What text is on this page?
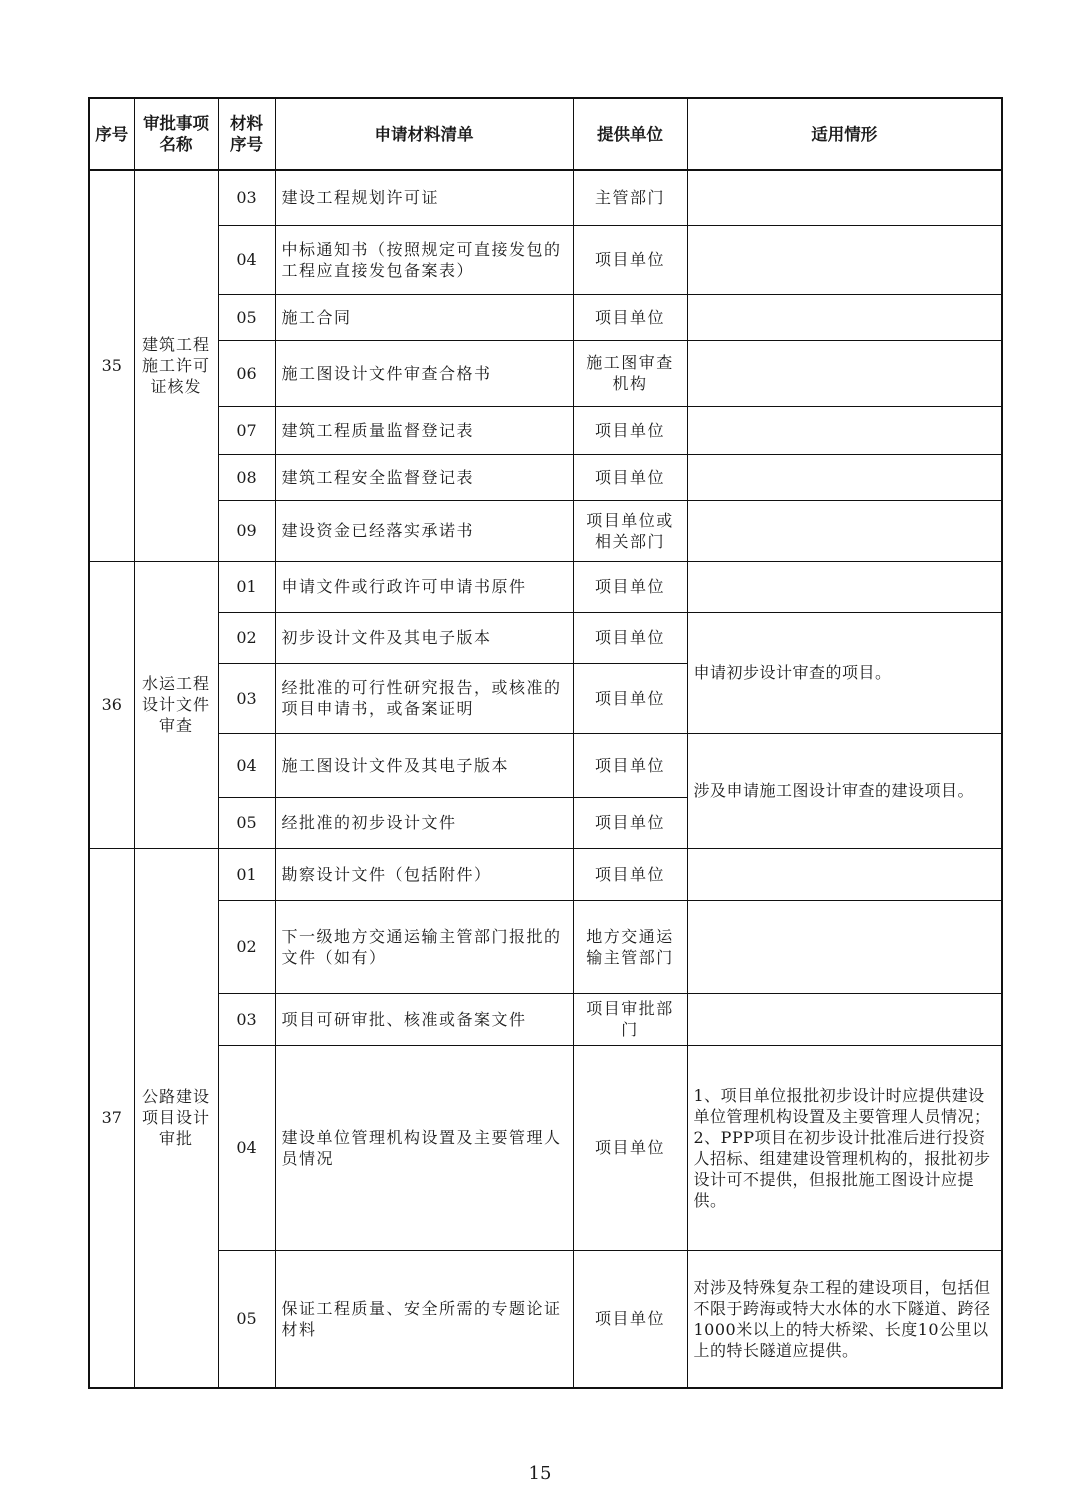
序号	审批事项名称	材料序号	申请材料清单	提供单位	适用情形
35	建筑工程施工许可证核发	03	建设工程规划许可证	主管部门	
		04	中标通知书（按照规定可直接发包的工程应直接发包备案表）	项目单位	
		05	施工合同	项目单位	
		06	施工图设计文件审查合格书	施工图审查机构	
		07	建筑工程质量监督登记表	项目单位	
		08	建筑工程安全监督登记表	项目单位	
		09	建设资金已经落实承诺书	项目单位或相关部门	
36	水运工程设计文件审查	01	申请文件或行政许可申请书原件	项目单位	
		02	初步设计文件及其电子版本	项目单位	申请初步设计审查的项目。
		03	经批准的可行性研究报告，或核准的项目申请书，或备案证明	项目单位	
		04	施工图设计文件及其电子版本	项目单位	涉及申请施工图设计审查的建设项目。
		05	经批准的初步设计文件	项目单位	
37	公路建设项目设计审批	01	勘察设计文件（包括附件）	项目单位	
		02	下一级地方交通运输主管部门报批的文件（如有）	地方交通运输主管部门	
		03	项目可研审批、核准或备案文件	项目审批部门	
		04	建设单位管理机构设置及主要管理人员情况	项目单位	1、项目单位报批初步设计时应提供建设单位管理机构设置及主要管理人员情况；2、PPP项目在初步设计批准后进行投资人招标、组建建设管理机构的，报批初步设计可不提供，但报批施工图设计应提供。
		05	保证工程质量、安全所需的专题论证材料	项目单位	对涉及特殊复杂工程的建设项目，包括但不限于跨海或特大水体的水下隧道、跨径1000米以上的特大桥梁、长度10公里以上的特长隧道应提供。
15
